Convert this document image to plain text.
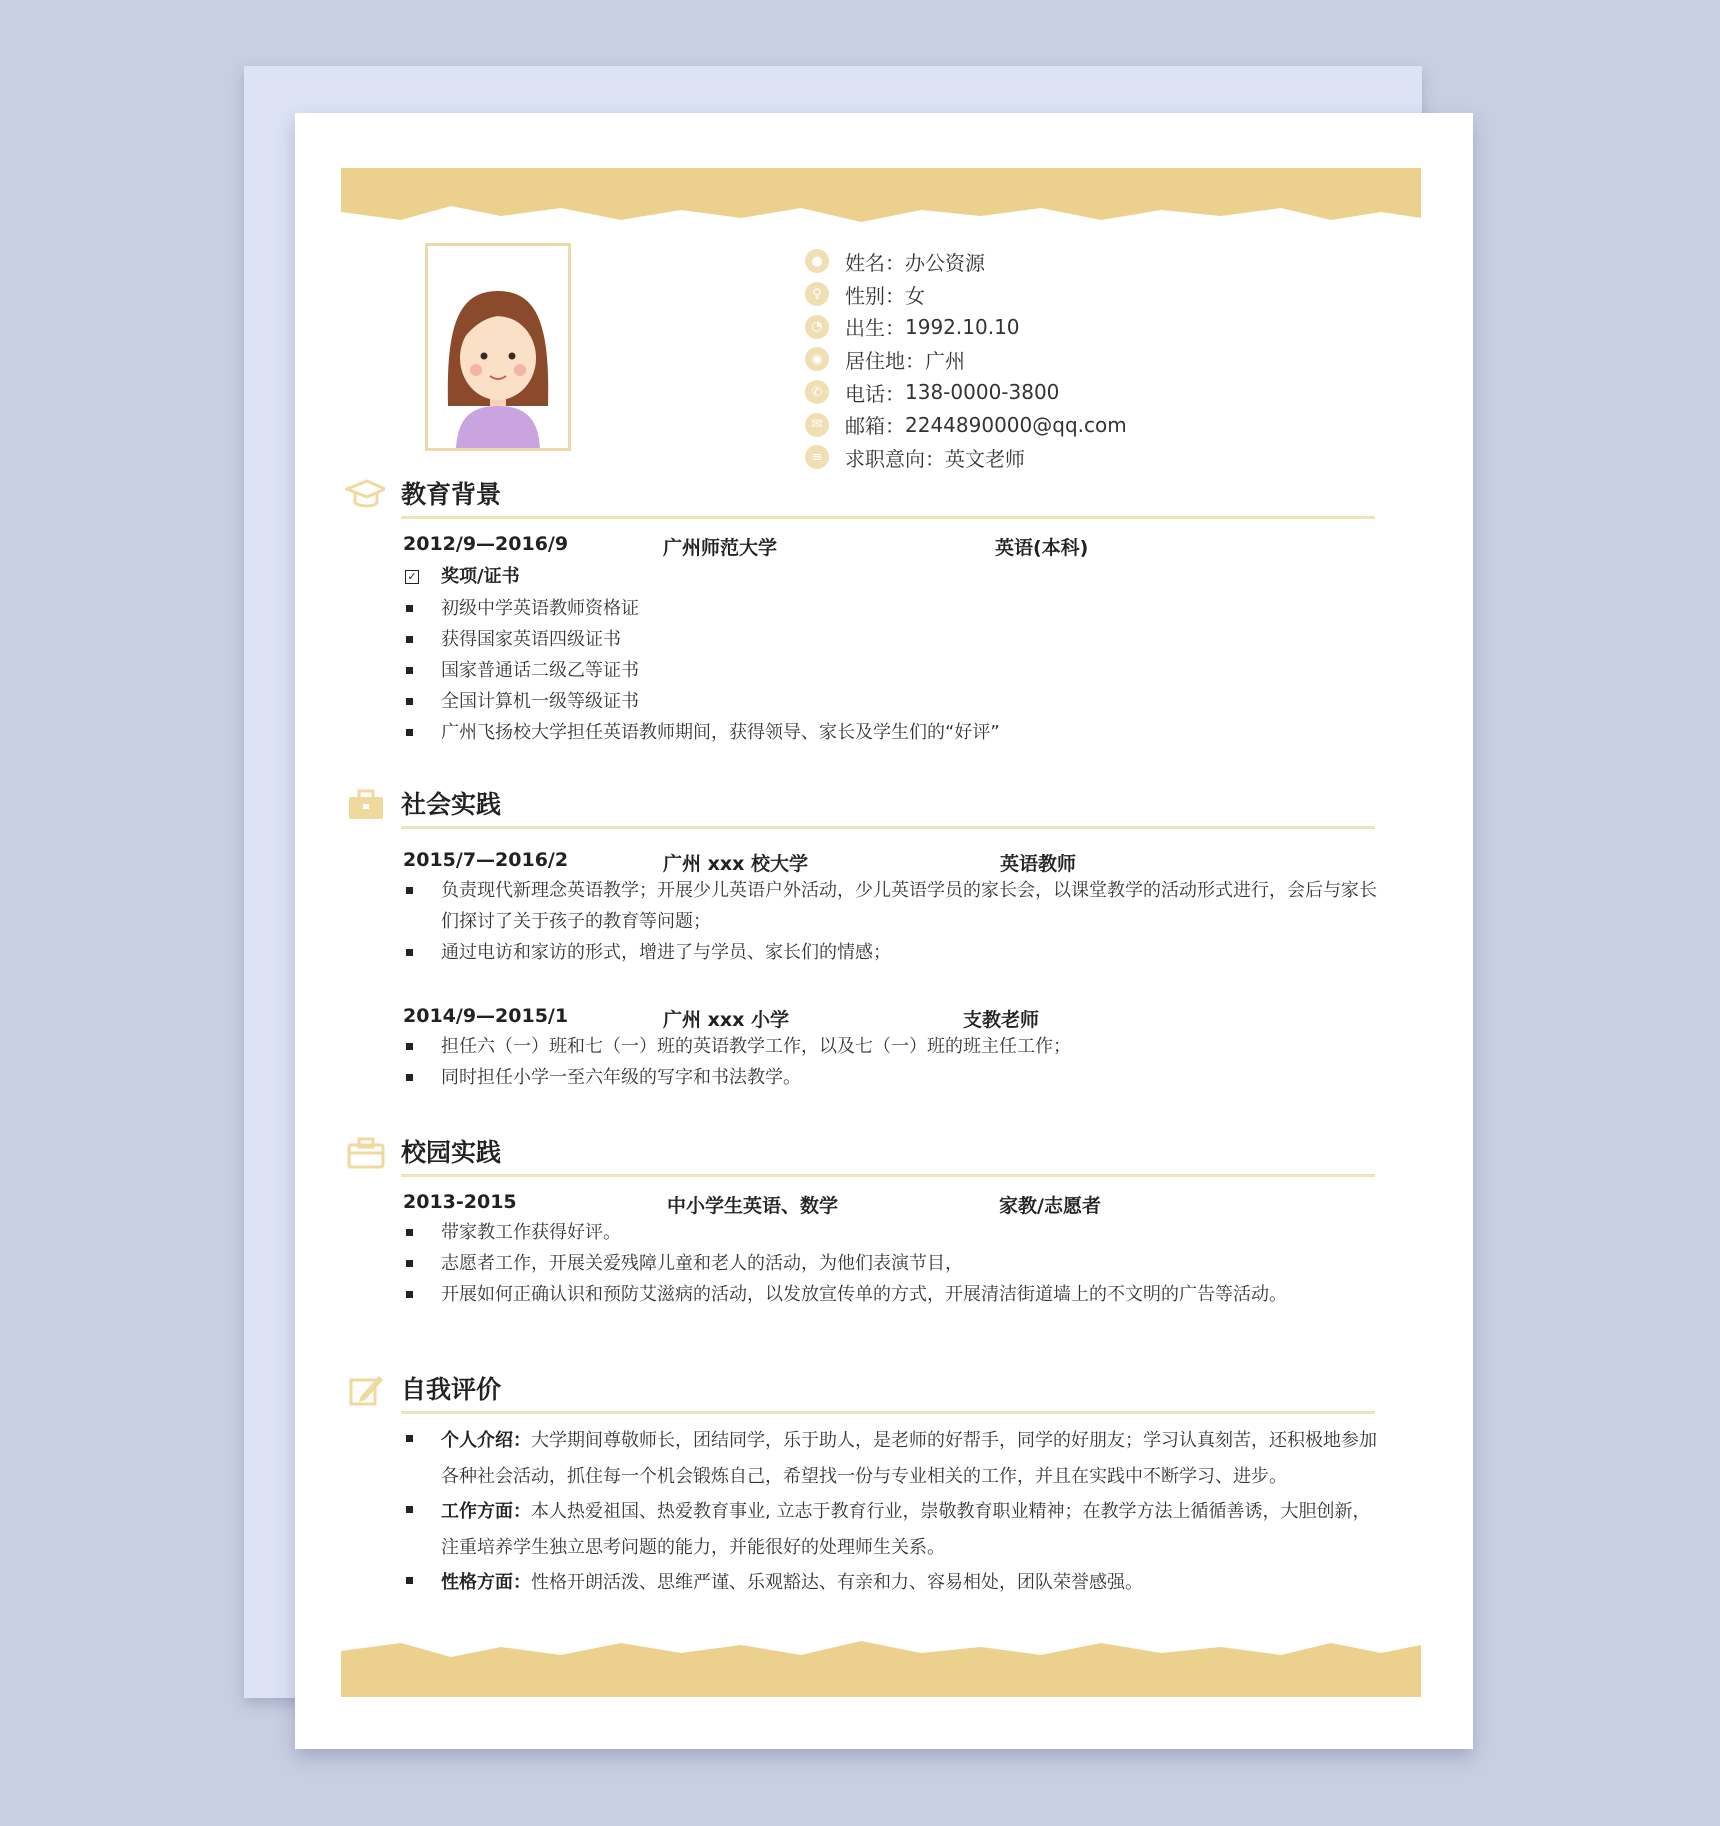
●	姓名 ：	办公资源
♀	性别 ：	女
◔	出生 ：	1992.10.10
◉	居住地 ：	广州
✆	电话 ：	138-0000-3800
✉	邮箱 ：	2244890000@qq.com
≡	求职意向 ：	英文老师
教育背景
2012/9—2016/9	广州师范大学	英语(本科)
✓ 奖项/证书
初级中学英语教师资格证
获得国家英语四级证书
国家普通话二级乙等证书
全国计算机一级等级证书
广州飞扬校大学担任英语教师期间，获得领导、家长及学生们的“好评”
社会实践
2015/7—2016/2	广州 xxx 校大学	英语教师
负责现代新理念英语教学；开展少儿英语户外活动，少儿英语学员的家长会，以课堂教学的活动形式进行，会后与家长们探讨了关于孩子的教育等问题；
通过电访和家访的形式，增进了与学员、家长们的情感；
2014/9—2015/1	广州 xxx 小学	支教老师
担任六（一）班和七（一）班的英语教学工作，以及七（一）班的班主任工作；
同时担任小学一至六年级的写字和书法教学。
校园实践
2013-2015	中小学生英语、数学	家教/志愿者
带家教工作获得好评。
志愿者工作，开展关爱残障儿童和老人的活动，为他们表演节目，
开展如何正确认识和预防艾滋病的活动，以发放宣传单的方式，开展清洁街道墙上的不文明的广告等活动。
自我评价
个人介绍：大学期间尊敬师长，团结同学，乐于助人，是老师的好帮手，同学的好朋友；学习认真刻苦，还积极地参加各种社会活动，抓住每一个机会锻炼自己，希望找一份与专业相关的工作，并且在实践中不断学习、进步。
工作方面：本人热爱祖国、热爱教育事业, 立志于教育行业，崇敬教育职业精神；在教学方法上循循善诱，大胆创新，注重培养学生独立思考问题的能力，并能很好的处理师生关系。
性格方面：性格开朗活泼、思维严谨、乐观豁达、有亲和力、容易相处，团队荣誉感强。
